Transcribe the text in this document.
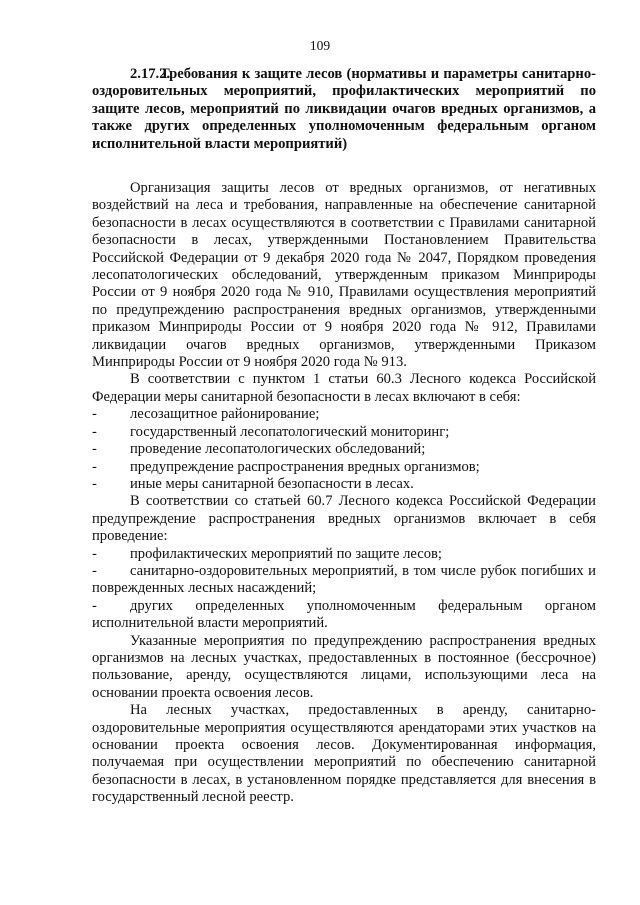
109
2.17.2.Требования к защите лесов (нормативы и параметры санитарно-оздоровительных мероприятий, профилактических мероприятий по защите лесов, мероприятий по ликвидации очагов вредных организмов, а также других определенных уполномоченным федеральным органом исполнительной власти мероприятий)

Организация защиты лесов от вредных организмов, от негативных воздействий на леса и требования, направленные на обеспечение санитарной безопасности в лесах осуществляются в соответствии с Правилами санитарной безопасности в лесах, утвержденными Постановлением Правительства Российской Федерации от 9 декабря 2020 года № 2047, Порядком проведения лесопатологических обследований, утвержденным приказом Минприроды России от 9 ноября 2020 года № 910, Правилами осуществления мероприятий по предупреждению распространения вредных организмов, утвержденными приказом Минприроды России от 9 ноября 2020 года № 912, Правилами ликвидации очагов вредных организмов, утвержденными Приказом Минприроды России от 9 ноября 2020 года № 913.

В соответствии с пунктом 1 статьи 60.3 Лесного кодекса Российской Федерации меры санитарной безопасности в лесах включают в себя:

-	лесозащитное районирование;
-	государственный лесопатологический мониторинг;
-	проведение лесопатологических обследований;
-	предупреждение распространения вредных организмов;
-	иные меры санитарной безопасности в лесах.

В соответствии со статьей 60.7 Лесного кодекса Российской Федерации предупреждение распространения вредных организмов включает в себя проведение:

-	профилактических мероприятий по защите лесов;
- санитарно-оздоровительных мероприятий, в том числе рубок погибших и поврежденных лесных насаждений;
- других определенных уполномоченным федеральным органом исполнительной власти мероприятий.

Указанные мероприятия по предупреждению распространения вредных организмов на лесных участках, предоставленных в постоянное (бессрочное) пользование, аренду, осуществляются лицами, использующими леса на основании проекта освоения лесов.

На лесных участках, предоставленных в аренду, санитарно-оздоровительные мероприятия осуществляются арендаторами этих участков на основании проекта освоения лесов. Документированная информация, получаемая при осуществлении мероприятий по обеспечению санитарной безопасности в лесах, в установленном порядке представляется для внесения в государственный лесной реестр.
